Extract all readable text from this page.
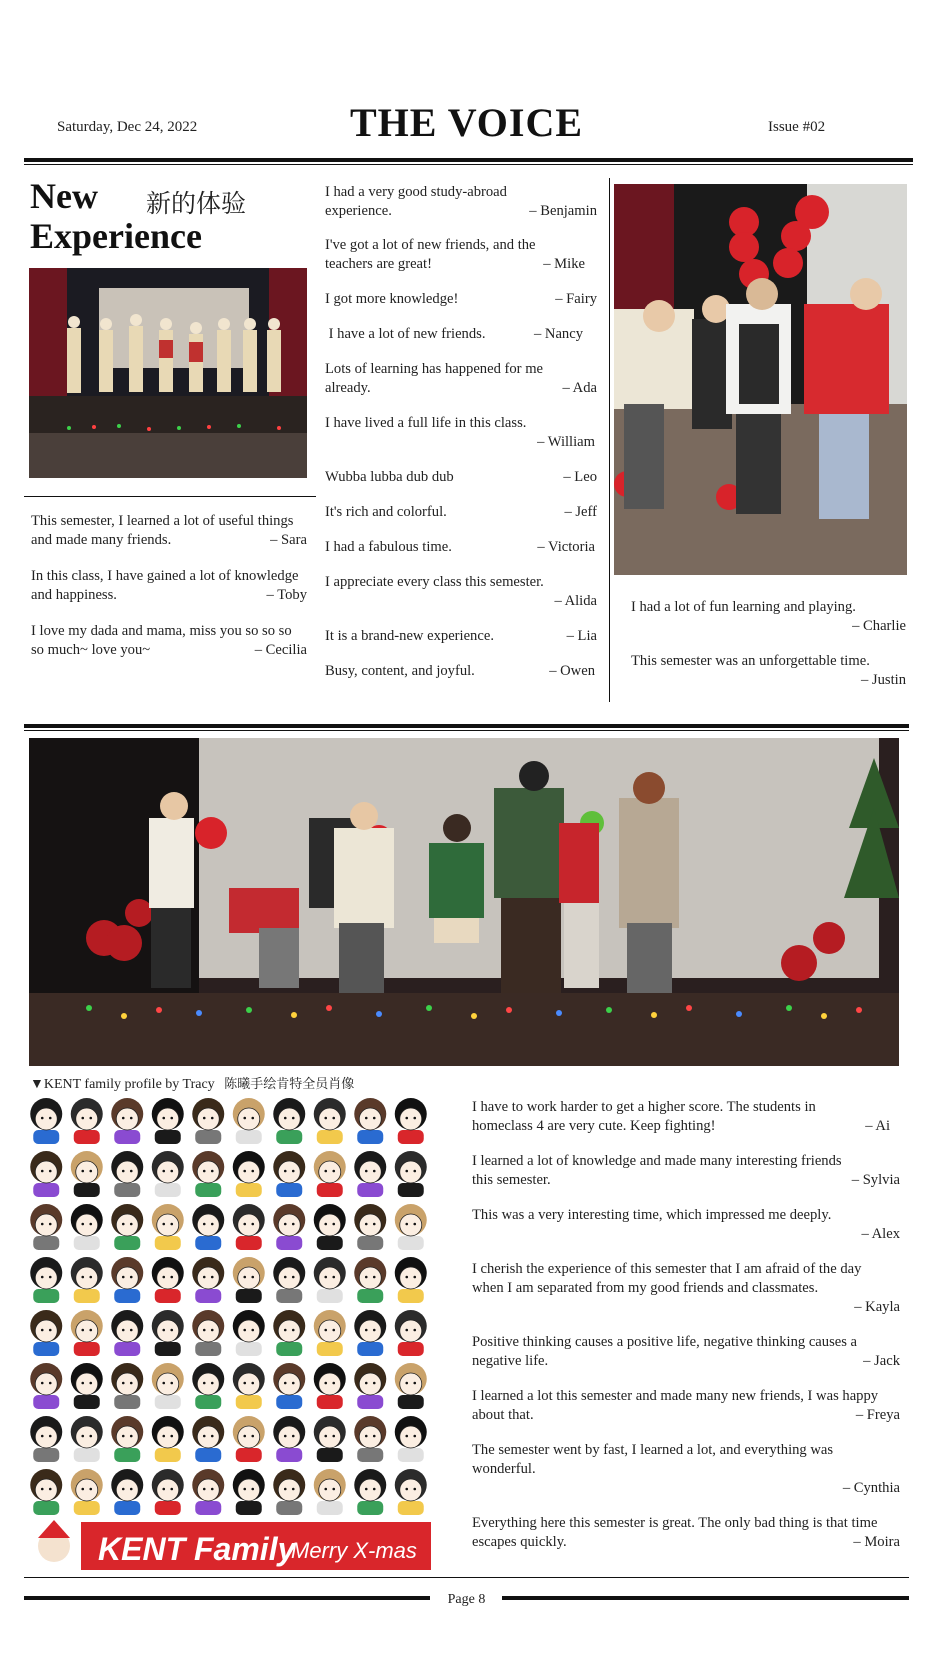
Saturday, Dec 24, 2022	THE VOICE	Issue #02
New
Experience
新的体验
This semester, I learned a lot of useful things and made many friends.	– Sara
In this class, I have gained a lot of knowledge and happiness.	– Toby
I love my dada and mama, miss you so so so so much~ love you~	– Cecilia
I had a very good study-abroad experience.	– Benjamin
I've got a lot of new friends, and the teachers are great!	– Mike
I got more knowledge!	– Fairy
I have a lot of new friends.	– Nancy
Lots of learning has happened for me already.	– Ada
I have lived a full life in this class.
– William
Wubba lubba dub dub	– Leo
It's rich and colorful.	– Jeff
I had a fabulous time.	– Victoria
I appreciate every class this semester.
– Alida
It is a brand-new experience.	– Lia
Busy, content, and joyful.	– Owen
I had a lot of fun learning and playing.
– Charlie
This semester was an unforgettable time.
– Justin
▼KENT family profile by Tracy 陈曦手绘肯特全员肖像
KENT Family
Merry X-mas
I have to work harder to get a higher score. The students in homeclass 4 are very cute. Keep fighting!	– Ai
I learned a lot of knowledge and made many interesting friends this semester.	– Sylvia
This was a very interesting time, which impressed me deeply.
– Alex
I cherish the experience of this semester that I am afraid of the day when I am separated from my good friends and classmates.
– Kayla
Positive thinking causes a positive life, negative thinking causes a negative life.	– Jack
I learned a lot this semester and made many new friends, I was happy about that.	– Freya
The semester went by fast, I learned a lot, and everything was wonderful.
– Cynthia
Everything here this semester is great. The only bad thing is that time escapes quickly.	– Moira
Page 8
